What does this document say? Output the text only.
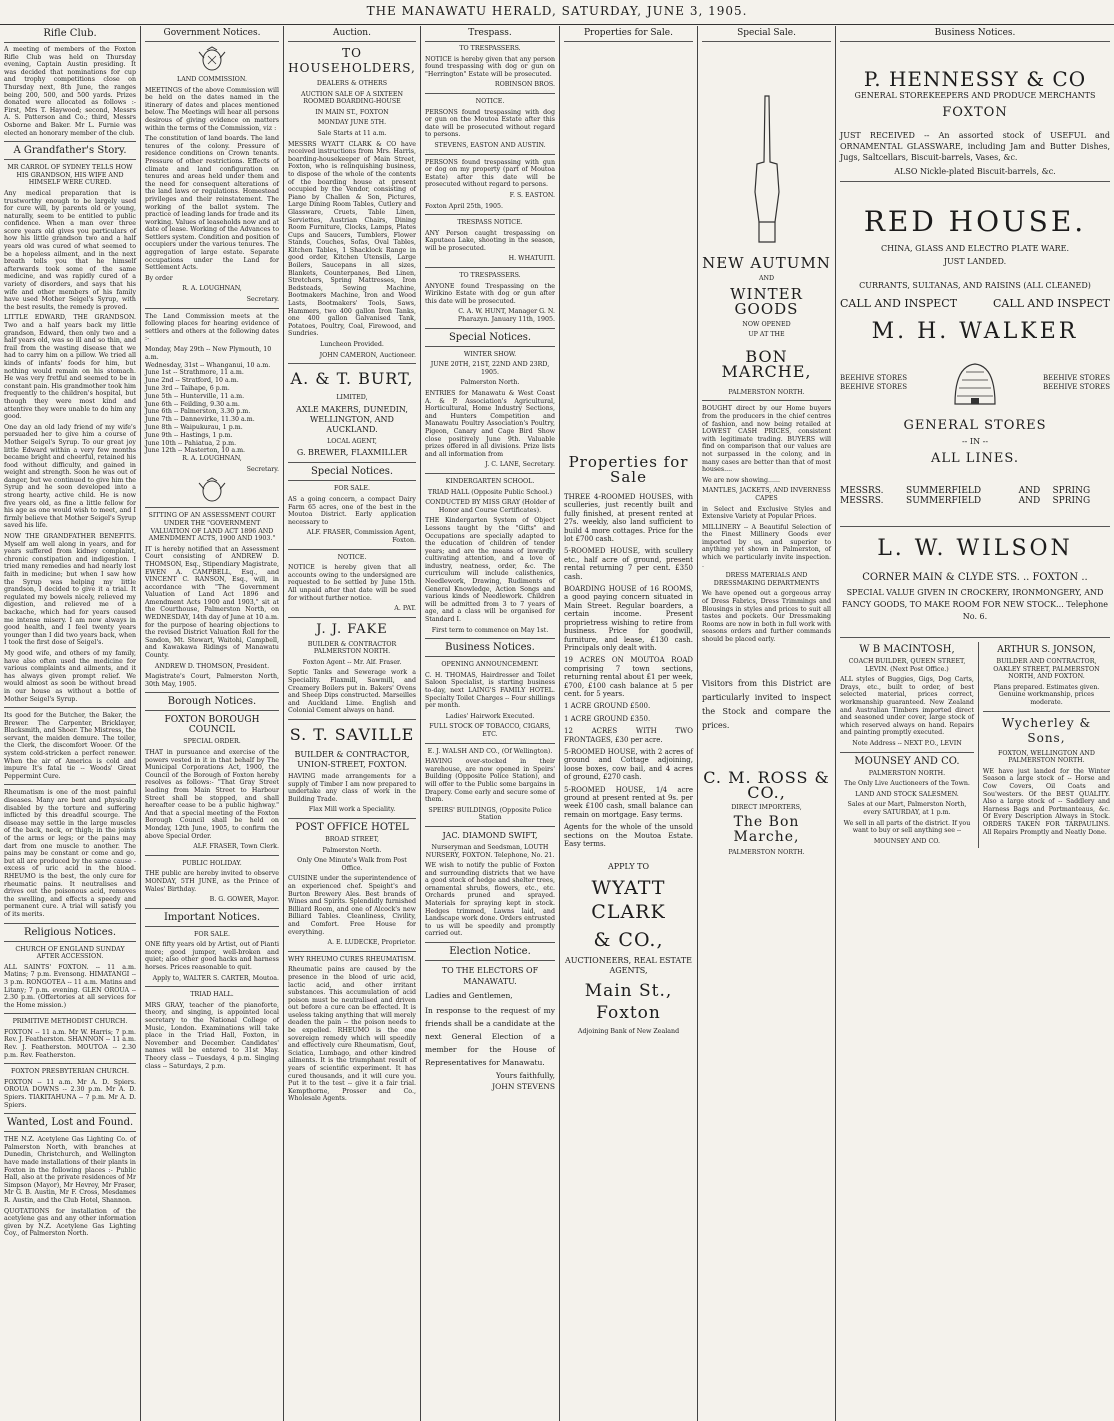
THE MANAWATU HERALD, SATURDAY, JUNE 3, 1905.
Rifle Club.

A meeting of members of the Foxton Rifle Club was held on Thursday evening, Captain Austin presiding. It was decided that nominations for cup and trophy competitions close on Thursday next, 8th June, the ranges being 200, 500, and 500 yards. Prizes donated were allocated as follows :- First, Mrs T. Haywood; second, Messrs A. S. Patterson and Co.; third, Messrs Osborne and Baker. Mr L. Furnie was elected an honorary member of the club.

A Grandfather's Story.

MR CARROL OF SYDNEY TELLS HOW HIS GRANDSON, HIS WIFE AND HIMSELF WERE CURED.

Any medical preparation that is trustworthy enough to be largely used for cure will, by parents old or young, naturally, seem to be entitled to public confidence. When a man over three score years old gives you particulars of how his little grandson two and a half years old was cured of what seemed to be a hopeless ailment, and in the next breath tells you that he himself afterwards took some of the same medicine, and was rapidly cured of a variety of disorders, and says that his wife and other members of his family have used Mother Seigel's Syrup, with the best results, the remedy is proved.

LITTLE EDWARD, THE GRANDSON. Two and a half years back my little grandson, Edward, then only two and a half years old, was so ill and so thin, and frail from the wasting disease that we had to carry him on a pillow. We tried all kinds of infants' foods for him, but nothing would remain on his stomach. He was very fretful and seemed to be in constant pain. His grandmother took him frequently to the children's hospital, but though they were most kind and attentive they were unable to do him any good.

One day an old lady friend of my wife's persuaded her to give him a course of Mother Seigel's Syrup. To our great joy little Edward within a very few months became bright and cheerful, retained his food without difficulty, and gained in weight and strength. Soon he was out of danger, but we continued to give him the Syrup and he soon developed into a strong hearty, active child. He is now five years old, as fine a little fellow for his age as one would wish to meet, and I firmly believe that Mother Seigel's Syrup saved his life.

NOW THE GRANDFATHER BENEFITS. Myself am well along in years, and for years suffered from kidney complaint, chronic constipation and indigestion. I tried many remedies and had nearly lost faith in medicine; but when I saw how the Syrup was helping my little grandson, I decided to give it a trial. It regulated my bowels nicely, relieved my digestion, and relieved me of a backache, which had for years caused me intense misery. I am now always in good health, and I feel twenty years younger than I did two years back, when I took the first dose of Seigel's.

My good wife, and others of my family, have also often used the medicine for various complaints and ailments, and it has always given prompt relief. We would almost as soon be without bread in our house as without a bottle of Mother Seigel's Syrup.

Its good for the Butcher, the Baker, the Brewer. The Carpenter, Bricklayer, Blacksmith, and Shoer. The Mistress, the servant, the maiden demure. The toiler, the Clerk, the discomfort Wooer. Of the system cold-stricken a perfect renewer. When the air of America is cold and impure It's fatal tie -- Woods' Great Peppermint Cure.

Rheumatism is one of the most painful diseases. Many are bent and physically disabled by the torture and suffering inflicted by this dreadful scourge. The disease may settle in the large muscles of the back, neck, or thigh; in the joints of the arms or legs; or the pains may dart from one muscle to another. The pains may be constant or come and go, but all are produced by the same cause - excess of uric acid in the blood. RHEUMO is the best, the only cure for rheumatic pains. It neutralises and drives out the poisonous acid, removes the swelling, and effects a speedy and permanent cure. A trial will satisfy you of its merits.

Religious Notices.

CHURCH OF ENGLAND SUNDAY AFTER ACCESSION.

ALL SAINTS' FOXTON. -- 11 a.m. Matins; 7 p.m. Evensong. HIMATANGI -- 3 p.m. RONGOTEA -- 11 a.m. Matins and Litany; 7 p.m. evening. GLEN OROUA -- 2.30 p.m. (Offertories at all services for the Home mission.)

PRIMITIVE METHODIST CHURCH.

FOXTON -- 11 a.m. Mr W. Harris; 7 p.m. Rev. J. Featherston. SHANNON -- 11 a.m. Rev. J. Featherston. MOUTOA -- 2.30 p.m. Rev. Featherston.

FOXTON PRESBYTERIAN CHURCH.

FOXTON -- 11 a.m. Mr A. D. Spiers. OROUA DOWNS -- 2.30 p.m. Mr A. D. Spiers. TIAKITAHUNA -- 7 p.m. Mr A. D. Spiers.

Wanted, Lost and Found.

THE N.Z. Acetylene Gas Lighting Co. of Palmerston North, with branches at Dunedin, Christchurch, and Wellington have made installations of their plants in Foxton in the following places :- Public Hall, also at the private residences of Mr Simpson (Mayor), Mr Hevrey, Mr Fraser, Mr G. B. Austin, Mr F. Cross, Mesdames R. Austin, and the Club Hotel, Shannon.

QUOTATIONS for installation of the acetylene gas and any other information given by N.Z. Acetylene Gas Lighting Coy., of Palmerston North.

Government Notices.

LAND COMMISSION.

MEETINGS of the above Commission will be held on the dates named in the itinerary of dates and places mentioned below. The Meetings will hear all persons desirous of giving evidence on matters within the terms of the Commission, viz :

The constitution of land boards. The land tenures of the colony. Pressure of residence conditions on Crown tenants. Pressure of other restrictions. Effects of climate and land configuration on tenures and areas held under them and the need for consequent alterations of the land laws or regulations. Homestead privileges and their reinstatement. The working of the ballot system. The practice of leading lands for trade and its working. Values of leaseholds now and at date of lease. Working of the Advances to Settlers system. Condition and position of occupiers under the various tenures. The aggregation of large estate. Separate occupations under the Land for Settlement Acts.

By order

R. A. LOUGHNAN,

Secretary.

The Land Commission meets at the following places for hearing evidence of settlers and others at the following dates :-

Monday, May 29th -- New Plymouth, 10 a.m.
Wednesday, 31st -- Whanganui, 10 a.m.
June 1st -- Strathmore, 11 a.m.
June 2nd -- Stratford, 10 a.m.
June 3rd -- Taihape, 6 p.m.
June 5th -- Hunterville, 11 a.m.
June 6th -- Feilding, 9.30 a.m.
June 6th -- Palmerston, 3.30 p.m.
June 7th -- Dannevirke, 11.30 a.m.
June 8th -- Waipukurau, 1 p.m.
June 9th -- Hastings, 1 p.m.
June 10th -- Pahiatua, 2 p.m.
June 12th -- Masterton, 10 a.m.

R. A. LOUGHNAN,

Secretary.

SITTING OF AN ASSESSMENT COURT UNDER THE "GOVERNMENT VALUATION OF LAND ACT 1896 AND AMENDMENT ACTS, 1900 AND 1903."

IT is hereby notified that an Assessment Court consisting of ANDREW D. THOMSON, Esq., Stipendiary Magistrate, EWEN A. CAMPBELL, Esq., and VINCENT C. RANSON, Esq., will, in accordance with "The Government Valuation of Land Act 1896 and Amendment Acts 1900 and 1903," sit at the Courthouse, Palmerston North, on WEDNESDAY, 14th day of June at 10 a.m. for the purpose of hearing objections to the revised District Valuation Roll for the Sandon, Mt. Stewart, Waitohi, Campbell, and Kawakawa Ridings of Manawatu County.

ANDREW D. THOMSON, President.

Magistrate's Court, Palmerston North, 30th May, 1905.

Borough Notices.
FOXTON BOROUGH COUNCIL

SPECIAL ORDER.

THAT in pursuance and exercise of the powers vested in it in that behalf by The Municipal Corporations Act, 1900, the Council of the Borough of Foxton hereby resolves as follows:- "That Gray Street leading from Main Street to Harbour Street shall be stopped, and shall hereafter cease to be a public highway." And that a special meeting of the Foxton Borough Council shall be held on Monday, 12th June, 1905, to confirm the above Special Order.

ALF. FRASER, Town Clerk.

PUBLIC HOLIDAY.

THE public are hereby invited to observe MONDAY, 5TH JUNE, as the Prince of Wales' Birthday.

B. G. GOWER, Mayor.

Important Notices.

FOR SALE.

ONE fifty years old by Artist, out of Pianti more; good jumper, well-broken and quiet; also other good hacks and harness horses. Prices reasonable to quit.

Apply to, WALTER S. CARTER, Moutoa.

TRIAD HALL.

MRS GRAY, teacher of the pianoforte, theory, and singing, is appointed local secretary to the National College of Music, London. Examinations will take place in the Triad Hall, Foxton, in November and December. Candidates' names will be entered to 31st May. Theory class -- Tuesdays, 4 p.m. Singing class -- Saturdays, 2 p.m.

Auction.
TO HOUSEHOLDERS,

DEALERS & OTHERS

AUCTION SALE OF A SIXTEEN ROOMED BOARDING-HOUSE

IN MAIN ST., FOXTON

MONDAY JUNE 5TH.

Sale Starts at 11 a.m.

MESSRS WYATT CLARK & CO have received instructions from Mrs. Harris, boarding-housekeeper of Main Street, Foxton, who is relinquishing business, to dispose of the whole of the contents of the boarding house at present occupied by the Vendor, consisting of Piano by Challen & Son, Pictures, Large Dining Room Tables, Cutlery and Glassware, Cruets, Table Linen, Serviettes, Austrian Chairs, Dining Room Furniture, Clocks, Lamps, Plates Cups and Saucers, Tumblers, Flower Stands, Couches, Sofas, Oval Tables, Kitchen Tables, 1 Shacklock Range in good order, Kitchen Utensils, Large Boilers, Saucepans in all sizes, Blankets, Counterpanes, Bed Linen, Stretchers, Spring Mattresses, Iron Bedsteads, Sewing Machine, Bootmakers Machine, Iron and Wood Lasts, Bootmakers' Tools, Saws, Hammers, two 400 gallon Iron Tanks, one 400 gallon Galvanised Tank, Potatoes, Poultry, Coal, Firewood, and Sundries.

Luncheon Provided.

JOHN CAMERON, Auctioneer.

A. & T. BURT,

LIMITED,

AXLE MAKERS, DUNEDIN, WELLINGTON, AND AUCKLAND.

LOCAL AGENT,

G. BREWER, FLAXMILLER
Special Notices.

FOR SALE.

AS a going concern, a compact Dairy Farm 65 acres, one of the best in the Moutoa District. Early application necessary to

ALF. FRASER, Commission Agent, Foxton.

NOTICE.

NOTICE is hereby given that all accounts owing to the undersigned are requested to be settled by June 15th. All unpaid after that date will be sued for without further notice.

A. PAT.

J. J. FAKE

BUILDER & CONTRACTOR PALMERSTON NORTH.

Foxton Agent -- Mr. Alf. Fraser.

Septic Tanks and Sewerage work a Speciality. Flaxmill, Sawmill, and Creamery Boilers put in. Bakers' Ovens and Sheep Dips constructed. Marseilles and Auckland Lime. English and Colonial Cement always on hand.

S. T. SAVILLE
BUILDER & CONTRACTOR, UNION-STREET, FOXTON.

HAVING made arrangements for a supply of Timber I am now prepared to undertake any class of work in the Building Trade.

Flax Mill work a Speciality.

POST OFFICE HOTEL

BROAD STREET,

Palmerston North.

Only One Minute's Walk from Post Office.

CUISINE under the superintendence of an experienced chef. Speight's and Burton Brewery Ales. Best brands of Wines and Spirits. Splendidly furnished Billiard Room, and one of Alcock's new Billiard Tables. Cleanliness, Civility, and Comfort. Free House for everything.

A. E. LUDECKE, Proprietor.

WHY RHEUMO CURES RHEUMATISM.

Rheumatic pains are caused by the presence in the blood of uric acid, lactic acid, and other irritant substances. This accumulation of acid poison must be neutralised and driven out before a cure can be effected. It is useless taking anything that will merely deaden the pain -- the poison needs to be expelled. RHEUMO is the one sovereign remedy which will speedily and effectively cure Rheumatism, Gout, Sciatica, Lumbago, and other kindred ailments. It is the triumphant result of years of scientific experiment. It has cured thousands, and it will cure you. Put it to the test -- give it a fair trial. Kempthorne, Prosser and Co., Wholesale Agents.

Trespass.

TO TRESPASSERS.

NOTICE is hereby given that any person found trespassing with dog or gun on "Herrington" Estate will be prosecuted.

ROBINSON BROS.

NOTICE.

PERSONS found trespassing with dog or gun on the Moutoa Estate after this date will be prosecuted without regard to persons.

STEVENS, EASTON AND AUSTIN.

PERSONS found trespassing with gun or dog on my property (part of Moutoa Estate) after this date will be prosecuted without regard to persons.

F. S. EASTON.

Foxton April 25th, 1905.

TRESPASS NOTICE.

ANY Person caught trespassing on Kaputaea Lake, shooting in the season, will be prosecuted.

H. WHATUITI.

TO TRESPASSERS.

ANYONE found Trespassing on the Wirikino Estate with dog or gun after this date will be prosecuted.

C. A. W. HUNT, Manager G. N. Pharazyn. January 11th, 1905.

Special Notices.

WINTER SHOW.

JUNE 20TH, 21ST, 22ND AND 23RD, 1905.

Palmerston North.

ENTRIES for Manawatu & West Coast A. & P. Association's Agricultural, Horticultural, Home Industry Sections, and Hunters Competition and Manawatu Poultry Association's Poultry, Pigeon, Canary and Cage Bird Show close positively June 9th. Valuable prizes offered in all divisions. Prize lists and all information from

J. C. LANE, Secretary.

KINDERGARTEN SCHOOL.

TRIAD HALL (Opposite Public School.)

CONDUCTED BY MISS GRAY (Holder of Honor and Course Certificates).

THE Kindergarten System of Object Lessons taught by the "Gifts" and Occupations are specially adapted to the education of children of tender years; and are the means of inwardly cultivating attention, and a love of industry, neatness, order, &c. The curriculum will include calisthenics, Needlework, Drawing, Rudiments of General Knowledge, Action Songs and various kinds of Needlework. Children will be admitted from 3 to 7 years of age, and a class will be organised for Standard I.

First term to commence on May 1st.

Business Notices.

OPENING ANNOUNCEMENT.

C. H. THOMAS, Hairdresser and Toilet Saloon Specialist, is starting business to-day, next LAING'S FAMILY HOTEL. Specialty Toilet Charges -- Four shillings per month.

Ladies' Hairwork Executed.

FULL STOCK OF TOBACCO, CIGARS, ETC.

E. J. WALSH AND CO., (Of Wellington).

HAVING over-stocked in their warehouse, are now opened in Speirs' Building (Opposite Police Station), and will offer to the Public some bargains in Drapery. Come early and secure some of them.

SPEIRS' BUILDINGS, (Opposite Police Station

JAC. DIAMOND SWIFT,

Nurseryman and Seedsman, LOUTH NURSERY, FOXTON. Telephone, No. 21.

WE wish to notify the public of Foxton and surrounding districts that we have a good stock of hedge and shelter trees, ornamental shrubs, flowers, etc., etc. Orchards pruned and sprayed. Materials for spraying kept in stock. Hedges trimmed, Lawns laid, and Landscape work done. Orders entrusted to us will be speedily and promptly carried out.

Election Notice.

TO THE ELECTORS OF MANAWATU.

Ladies and Gentlemen,

In response to the request of my friends shall be a candidate at the next General Election of a member for the House of Representatives for Manawatu.

Yours faithfully,

JOHN STEVENS

Properties for Sale.
Properties for Sale

THREE 4-ROOMED HOUSES, with sculleries, just recently built and fully finished, at present rented at 27s. weekly, also land sufficient to build 4 more cottages. Price for the lot £700 cash.

5-ROOMED HOUSE, with scullery etc., half acre of ground, present rental returning 7 per cent. £350 cash.

BOARDING HOUSE of 16 ROOMS, a good paying concern situated in Main Street. Regular boarders, a certain income. Present proprietress wishing to retire from business. Price for goodwill, furniture, and lease, £130 cash. Principals only dealt with.

19 ACRES ON MOUTOA ROAD comprising 7 town sections, returning rental about £1 per week, £700, £100 cash balance at 5 per cent. for 5 years.

1 ACRE GROUND £500.

1 ACRE GROUND £350.

12 ACRES WITH TWO FRONTAGES, £30 per acre.

5-ROOMED HOUSE, with 2 acres of ground and Cottage adjoining, loose boxes, cow bail, and 4 acres of ground, £270 cash.

5-ROOMED HOUSE, 1/4 acre ground at present rented at 9s. per week £100 cash, small balance can remain on mortgage. Easy terms.

Agents for the whole of the unsold sections on the Moutoa Estate. Easy terms.

APPLY TO
WYATT CLARK
& CO.,
AUCTIONEERS, REAL ESTATE AGENTS,
Main St., Foxton

Adjoining Bank of New Zealand

Special Sale.
NEW AUTUMN

AND

WINTER GOODS

NOW OPENED

UP AT THE

BON MARCHE,

PALMERSTON NORTH.

BOUGHT direct by our Home buyers from the producers in the chief centres of fashion, and now being retailed at LOWEST CASH PRICES, consistent with legitimate trading. BUYERS will find on comparison that our values are not surpassed in the colony, and in many cases are better than that of most houses....

We are now showing......

MANTLES, JACKETS, AND INVERNESS CAPES

in Select and Exclusive Styles and Extensive Variety at Popular Prices.

MILLINERY -- A Beautiful Selection of the Finest Millinery Goods ever imported by us, and superior to anything yet shown in Palmerston, of which we particularly invite inspection. .

DRESS MATERIALS AND DRESSMAKING DEPARTMENTS

We have opened out a gorgeous array of Dress Fabrics, Dress Trimmings and Blousings in styles and prices to suit all tastes and pockets. Our Dressmaking Rooms are now in both in full work with seasons orders and further commands should be placed early.

Visitors from this District are particularly invited to inspect the Stock and compare the prices.

C. M. ROSS & CO.,

DIRECT IMPORTERS,

The Bon Marche,

PALMERSTON NORTH.

Business Notices.
P. HENNESSY & CO
GENERAL STOREKEEPERS AND PRODUCE MERCHANTS
FOXTON

JUST RECEIVED -- An assorted stock of USEFUL and ORNAMENTAL GLASSWARE, including Jam and Butter Dishes, Jugs, Saltcellars, Biscuit-barrels, Vases, &c.

ALSO Nickle-plated Biscuit-barrels, &c.

RED HOUSE.
CHINA, GLASS AND ELECTRO PLATE WARE.
JUST LANDED.
CURRANTS, SULTANAS, AND RAISINS (ALL CLEANED)
CALL AND INSPECT	CALL AND INSPECT
M. H. WALKER
BEEHIVE STORES
BEEHIVE STORES
BEEHIVE STORES
BEEHIVE STORES
GENERAL STORES
-- IN --
ALL LINES.
MESSRS. MESSRS.
SUMMERFIELD SUMMERFIELD
AND AND
SPRING SPRING
L. W. WILSON
CORNER MAIN & CLYDE STS. .. FOXTON ..
SPECIAL VALUE GIVEN IN CROCKERY, IRONMONGERY, AND FANCY GOODS, TO MAKE ROOM FOR NEW STOCK... Telephone No. 6.
W B MACINTOSH,

COACH BUILDER, QUEEN STREET, LEVIN. (Next Post Office.)

ALL styles of Buggies, Gigs, Dog Carts, Drays, etc., built to order, of best selected material, prices correct, workmanship guaranteed. New Zealand and Australian Timbers imported direct and seasoned under cover, large stock of which reserved always on hand. Repairs and painting promptly executed.

Note Address -- NEXT P.O., LEVIN

MOUNSEY AND CO.

PALMERSTON NORTH.

The Only Live Auctioneers of the Town.

LAND AND STOCK SALESMEN.

Sales at our Mart, Palmerston North, every SATURDAY, at 1 p.m.

We sell in all parts of the district. If you want to buy or sell anything see --

MOUNSEY AND CO.

ARTHUR S. JONSON,

BUILDER AND CONTRACTOR, OAKLEY STREET, PALMERSTON NORTH, AND FOXTON.

Plans prepared. Estimates given. Genuine workmanship, prices moderate.

Wycherley & Sons,

FOXTON, WELLINGTON AND PALMERSTON NORTH.

WE have just landed for the Winter Season a large stock of -- Horse and Cow Covers, Oil Coats and Sou'westers. Of the BEST QUALITY. Also a large stock of -- Saddlery and Harness Bags and Portmanteaus, &c. Of Every Description Always in Stock. ORDERS TAKEN FOR TARPAULINS. All Repairs Promptly and Neatly Done.
